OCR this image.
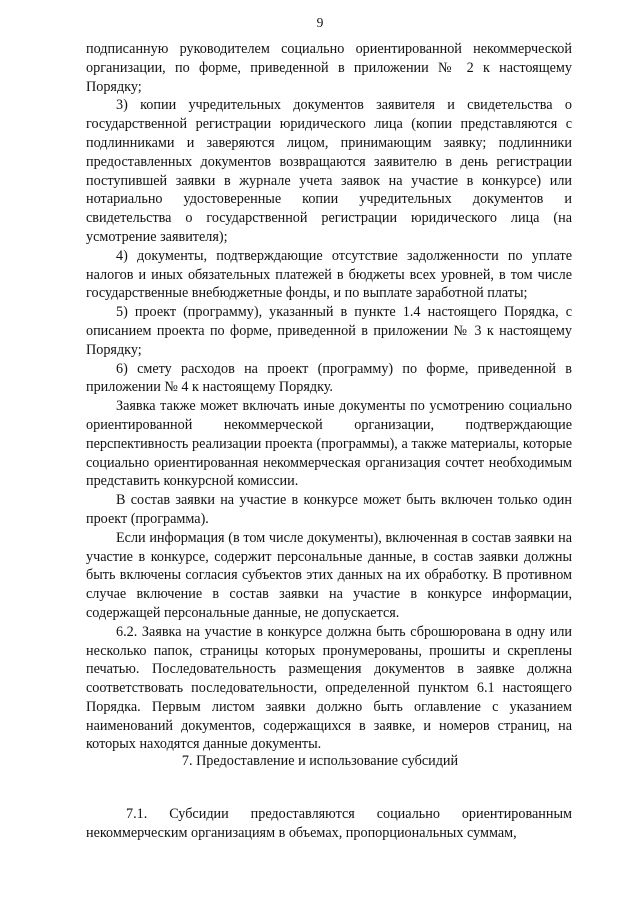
9

подписанную руководителем социально ориентированной некоммерческой организации, по форме, приведенной в приложении № 2 к настоящему Порядку;

3) копии учредительных документов заявителя и свидетельства о государственной регистрации юридического лица (копии представляются с подлинниками и заверяются лицом, принимающим заявку; подлинники предоставленных документов возвращаются заявителю в день регистрации поступившей заявки в журнале учета заявок на участие в конкурсе) или нотариально удостоверенные копии учредительных документов и свидетельства о государственной регистрации юридического лица (на усмотрение заявителя);

4) документы, подтверждающие отсутствие задолженности по уплате налогов и иных обязательных платежей в бюджеты всех уровней, в том числе государственные внебюджетные фонды, и по выплате заработной платы;

5) проект (программу), указанный в пункте 1.4 настоящего Порядка, с описанием проекта по форме, приведенной в приложении № 3 к настоящему Порядку;

6) смету расходов на проект (программу) по форме, приведенной в приложении № 4 к настоящему Порядку.

Заявка также может включать иные документы по усмотрению социально ориентированной некоммерческой организации, подтверждающие перспективность реализации проекта (программы), а также материалы, которые социально ориентированная некоммерческая организация сочтет необходимым представить конкурсной комиссии.

В состав заявки на участие в конкурсе может быть включен только один проект (программа).

Если информация (в том числе документы), включенная в состав заявки на участие в конкурсе, содержит персональные данные, в состав заявки должны быть включены согласия субъектов этих данных на их обработку. В противном случае включение в состав заявки на участие в конкурсе информации, содержащей персональные данные, не допускается.

6.2. Заявка на участие в конкурсе должна быть сброшюрована в одну или несколько папок, страницы которых пронумерованы, прошиты и скреплены печатью. Последовательность размещения документов в заявке должна соответствовать последовательности, определенной пунктом 6.1 настоящего Порядка. Первым листом заявки должно быть оглавление с указанием наименований документов, содержащихся в заявке, и номеров страниц, на которых находятся данные документы.

7. Предоставление и использование субсидий

7.1. Субсидии предоставляются социально ориентированным некоммерческим организациям в объемах, пропорциональных суммам,
